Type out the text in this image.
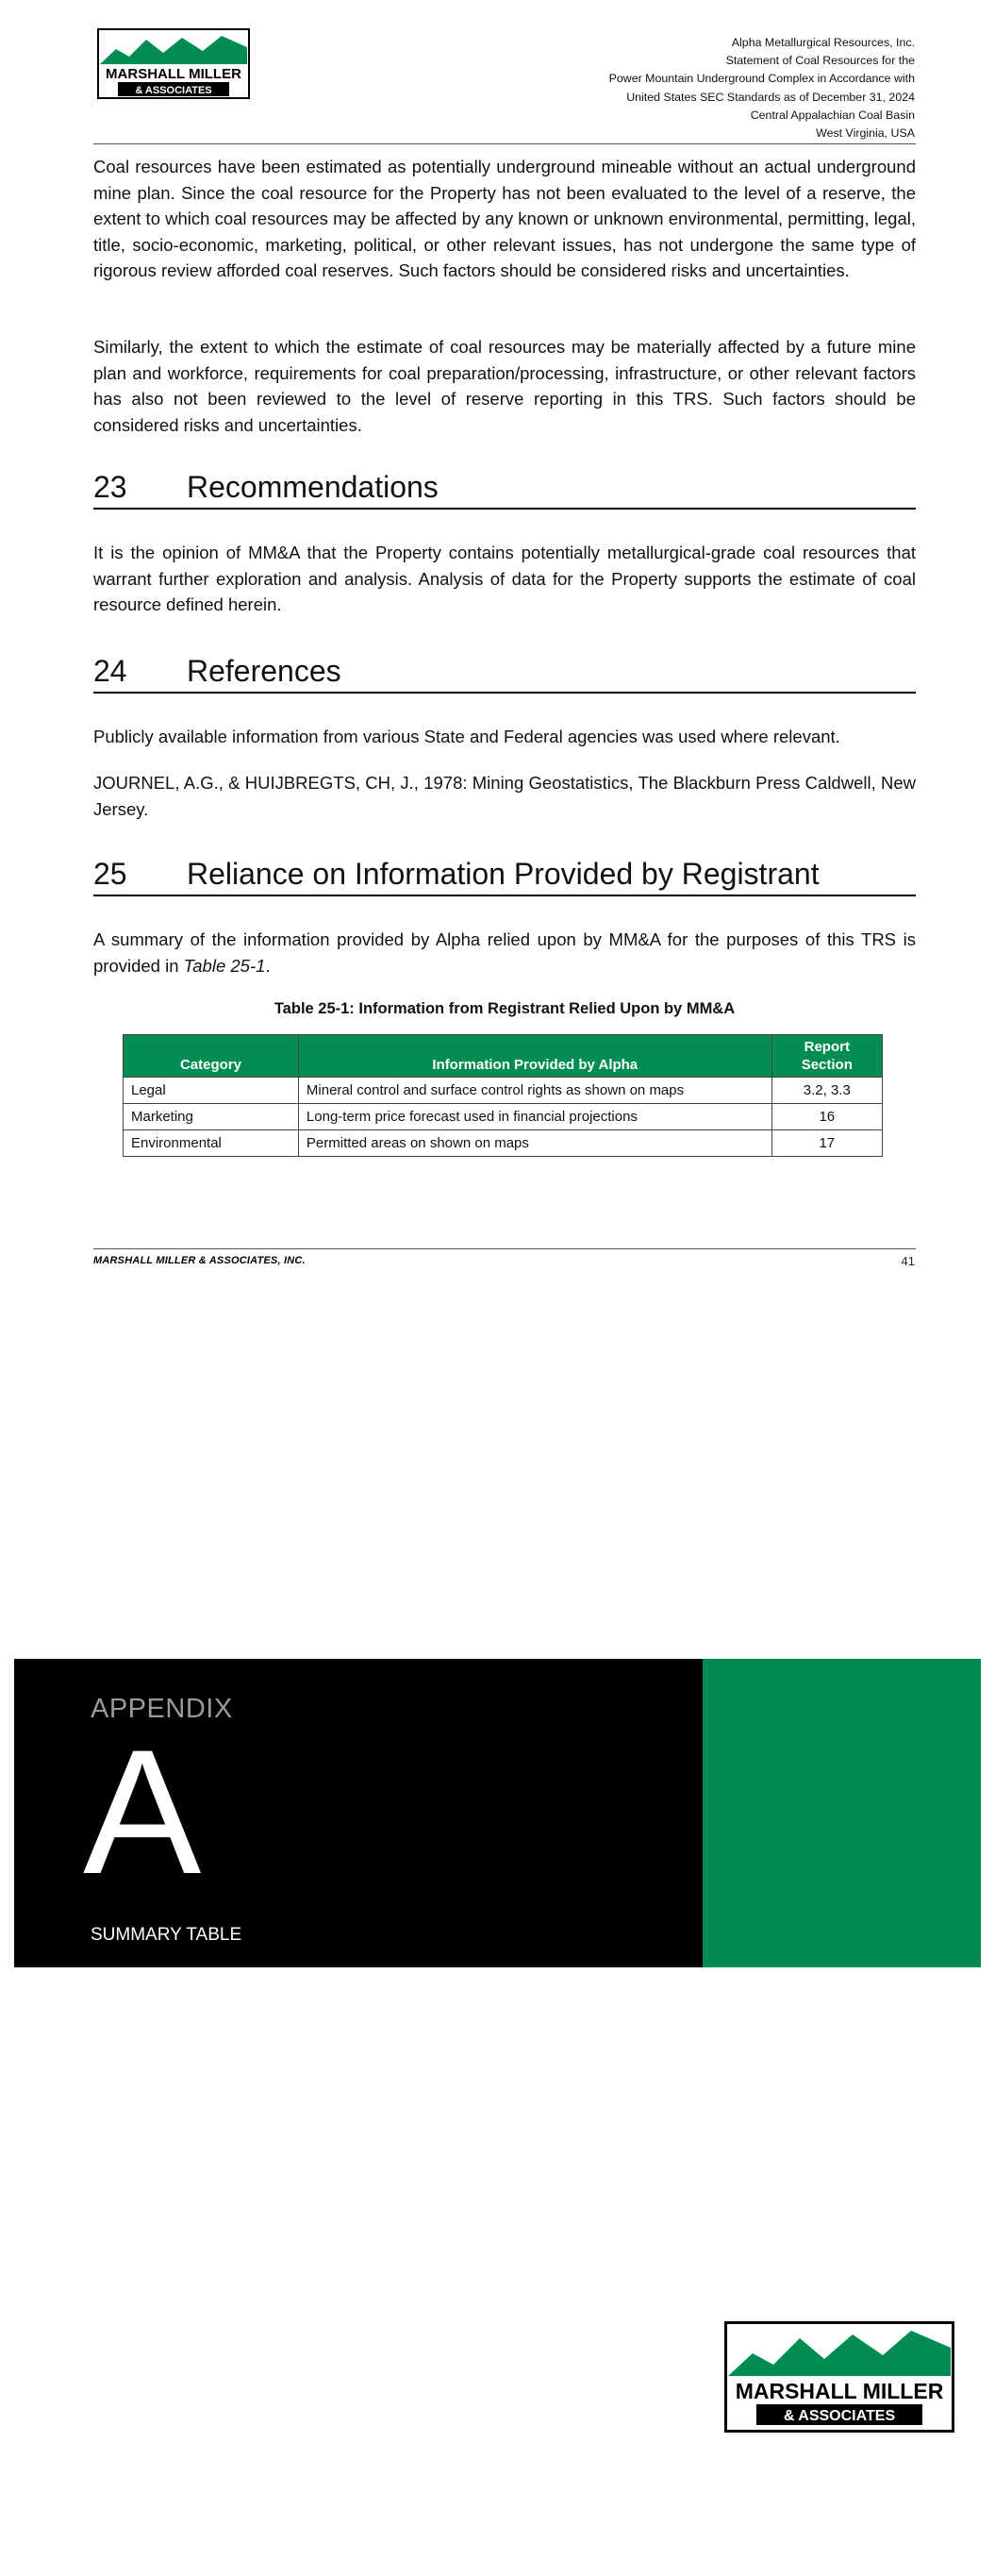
MARSHALL MILLER
& ASSOCIATES
Alpha Metallurgical Resources, Inc.
Statement of Coal Resources for the
Power Mountain Underground Complex in Accordance with
United States SEC Standards as of December 31, 2024
Central Appalachian Coal Basin
West Virginia, USA

Coal resources have been estimated as potentially underground mineable without an actual underground mine plan. Since the coal resource for the Property has not been evaluated to the level of a reserve, the extent to which coal resources may be affected by any known or unknown environmental, permitting, legal, title, socio-economic, marketing, political, or other relevant issues, has not undergone the same type of rigorous review afforded coal reserves. Such factors should be considered risks and uncertainties.

Similarly, the extent to which the estimate of coal resources may be materially affected by a future mine plan and workforce, requirements for coal preparation/processing, infrastructure, or other relevant factors has also not been reviewed to the level of reserve reporting in this TRS. Such factors should be considered risks and uncertainties.

23 Recommendations

It is the opinion of MM&A that the Property contains potentially metallurgical-grade coal resources that warrant further exploration and analysis. Analysis of data for the Property supports the estimate of coal resource defined herein.

24 References

Publicly available information from various State and Federal agencies was used where relevant.

JOURNEL, A.G., & HUIJBREGTS, CH, J., 1978: Mining Geostatistics, The Blackburn Press Caldwell, New Jersey.

25 Reliance on Information Provided by Registrant

A summary of the information provided by Alpha relied upon by MM&A for the purposes of this TRS is provided in Table 25-1.

Table 25-1: Information from Registrant Relied Upon by MM&A
Category	Information Provided by Alpha	Report Section
Legal	Mineral control and surface control rights as shown on maps	3.2, 3.3
Marketing	Long-term price forecast used in financial projections	16
Environmental	Permitted areas on shown on maps	17
MARSHALL MILLER & ASSOCIATES, INC.	41
APPENDIX
A
SUMMARY TABLE
MARSHALL MILLER
& ASSOCIATES
